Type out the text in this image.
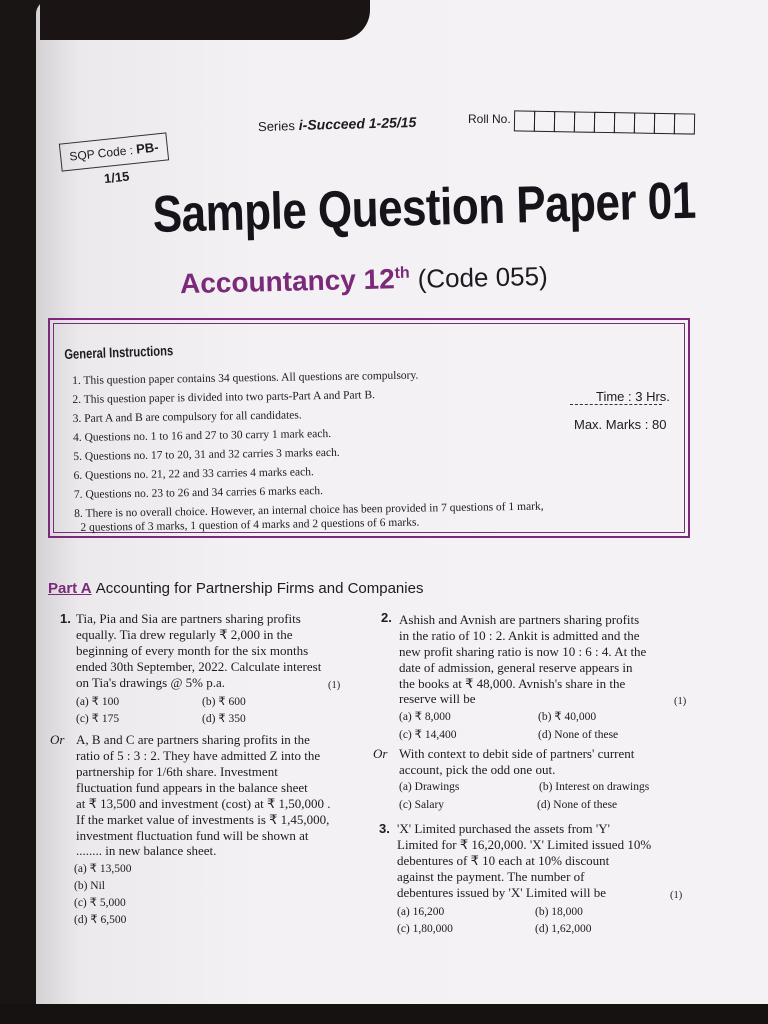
SQP Code : PB-1/15
Series i-Succeed 1-25/15	Roll No.
Sample Question Paper 01
Accountancy 12th (Code 055)
General Instructions
1. This question paper contains 34 questions. All questions are compulsory.
2. This question paper is divided into two parts-Part A and Part B.
3. Part A and B are compulsory for all candidates.
4. Questions no. 1 to 16 and 27 to 30 carry 1 mark each.
5. Questions no. 17 to 20, 31 and 32 carries 3 marks each.
6. Questions no. 21, 22 and 33 carries 4 marks each.
7. Questions no. 23 to 26 and 34 carries 6 marks each.
8. There is no overall choice. However, an internal choice has been provided in 7 questions of 1 mark,
2 questions of 3 marks, 1 question of 4 marks and 2 questions of 6 marks.
Time : 3 Hrs.
Max. Marks : 80
Part A Accounting for Partnership Firms and Companies
1. Tia, Pia and Sia are partners sharing profits
equally. Tia drew regularly ₹ 2,000 in the
beginning of every month for the six months
ended 30th September, 2022. Calculate interest
on Tia's drawings @ 5% p.a.	(1)
(a) ₹ 100	(b) ₹ 600
(c) ₹ 175	(d) ₹ 350
Or A, B and C are partners sharing profits in the
ratio of 5 : 3 : 2. They have admitted Z into the
partnership for 1/6th share. Investment
fluctuation fund appears in the balance sheet
at ₹ 13,500 and investment (cost) at ₹ 1,50,000 .
If the market value of investments is ₹ 1,45,000,
investment fluctuation fund will be shown at
........ in new balance sheet.
(a) ₹ 13,500
(b) Nil
(c) ₹ 5,000
(d) ₹ 6,500
2. Ashish and Avnish are partners sharing profits
in the ratio of 10 : 2. Ankit is admitted and the
new profit sharing ratio is now 10 : 6 : 4. At the
date of admission, general reserve appears in
the books at ₹ 48,000. Avnish's share in the
reserve will be	(1)
(a) ₹ 8,000	(b) ₹ 40,000
(c) ₹ 14,400	(d) None of these
Or With context to debit side of partners' current
account, pick the odd one out.
(a) Drawings	(b) Interest on drawings
(c) Salary	(d) None of these
3. 'X' Limited purchased the assets from 'Y'
Limited for ₹ 16,20,000. 'X' Limited issued 10%
debentures of ₹ 10 each at 10% discount
against the payment. The number of
debentures issued by 'X' Limited will be	(1)
(a) 16,200	(b) 18,000
(c) 1,80,000	(d) 1,62,000
